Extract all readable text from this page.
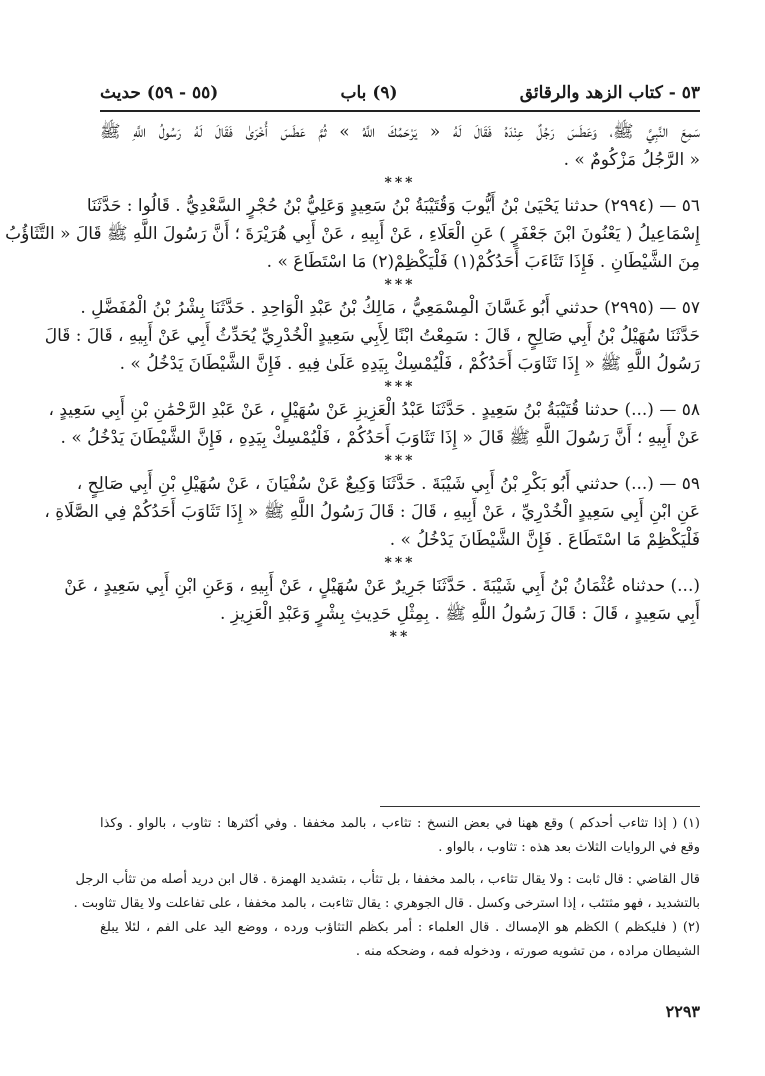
٥٣ - كتاب الزهد والرقائق
(٩) باب
(٥٥ - ٥٩) حديث
سَمِعَ النَّبِيَّ ﷺ، وَعَطَسَ رَجُلٌ عِنْدَهُ فَقَالَ لَهُ « يَرْحَمُكَ اللَّهُ » ثُمَّ عَطَسَ أُخْرَىٰ فَقَالَ لَهُ رَسُولُ اللَّهِ ﷺ
« الرَّجُلُ مَزْكُومٌ » .
***
٥٦ — (٢٩٩٤) حدثنا يَحْيَىٰ بْنُ أَيُّوبَ وَقُتَيْبَةُ بْنُ سَعِيدٍ وَعَلِيُّ بْنُ حُجْرٍ السَّعْدِيُّ . قَالُوا : حَدَّثَنَا
إِسْمَاعِيلُ ( يَعْنُونَ ابْنَ جَعْفَرٍ ) عَنِ الْعَلَاءِ ، عَنْ أَبِيهِ ، عَنْ أَبِي هُرَيْرَةَ ؛ أَنَّ رَسُولَ اللَّهِ ﷺ قَالَ « التَّثَاؤُبُ
مِنَ الشَّيْطَانِ . فَإِذَا تَثَاءَبَ أَحَدُكُمْ(١) فَلْيَكْظِمْ(٢) مَا اسْتَطَاعَ » .
***
٥٧ — (٢٩٩٥) حدثني أَبُو غَسَّانَ الْمِسْمَعِيُّ ، مَالِكُ بْنُ عَبْدِ الْوَاحِدِ . حَدَّثَنَا بِشْرُ بْنُ الْمُفَضَّلِ .
حَدَّثَنَا سُهَيْلُ بْنُ أَبِي صَالِحٍ ، قَالَ : سَمِعْتُ ابْنًا لِأَبِي سَعِيدٍ الْخُدْرِيِّ يُحَدِّثُ أَبِي عَنْ أَبِيهِ ، قَالَ : قَالَ
رَسُولُ اللَّهِ ﷺ « إِذَا تَثَاوَبَ أَحَدُكُمْ ، فَلْيُمْسِكْ بِيَدِهِ عَلَىٰ فِيهِ . فَإِنَّ الشَّيْطَانَ يَدْخُلُ » .
***
٥٨ — (...) حدثنا قُتَيْبَةُ بْنُ سَعِيدٍ . حَدَّثَنَا عَبْدُ الْعَزِيزِ عَنْ سُهَيْلٍ ، عَنْ عَبْدِ الرَّحْمَٰنِ بْنِ أَبِي سَعِيدٍ ،
عَنْ أَبِيهِ ؛ أَنَّ رَسُولَ اللَّهِ ﷺ قَالَ « إِذَا تَثَاوَبَ أَحَدُكُمْ ، فَلْيُمْسِكْ بِيَدِهِ ، فَإِنَّ الشَّيْطَانَ يَدْخُلُ » .
***
٥٩ — (...) حدثني أَبُو بَكْرِ بْنُ أَبِي شَيْبَةَ . حَدَّثَنَا وَكِيعٌ عَنْ سُفْيَانَ ، عَنْ سُهَيْلِ بْنِ أَبِي صَالِحٍ ،
عَنِ ابْنِ أَبِي سَعِيدٍ الْخُدْرِيِّ ، عَنْ أَبِيهِ ، قَالَ : قَالَ رَسُولُ اللَّهِ ﷺ « إِذَا تَثَاوَبَ أَحَدُكُمْ فِي الصَّلَاةِ ،
فَلْيَكْظِمْ مَا اسْتَطَاعَ . فَإِنَّ الشَّيْطَانَ يَدْخُلُ » .
***
(...) حدثناه عُثْمَانُ بْنُ أَبِي شَيْبَةَ . حَدَّثَنَا جَرِيرٌ عَنْ سُهَيْلٍ ، عَنْ أَبِيهِ ، وَعَنِ ابْنِ أَبِي سَعِيدٍ ، عَنْ
أَبِي سَعِيدٍ ، قَالَ : قَالَ رَسُولُ اللَّهِ ﷺ . بِمِثْلِ حَدِيثِ بِشْرٍ وَعَبْدِ الْعَزِيزِ .
**
(١) ( إذا تثاءب أحدكم ) وقع ههنا في بعض النسخ : تثاءب ، بالمد مخففا . وفي أكثرها : تثاوب ، بالواو . وكذا
وقع في الروايات الثلاث بعد هذه : تثاوب ، بالواو .
قال القاضي : قال ثابت : ولا يقال تثاءب ، بالمد مخففا ، بل تثأب ، بتشديد الهمزة . قال ابن دريد أصله من تثأب الرجل
بالتشديد ، فهو مثتئب ، إذا استرخى وكسل . قال الجوهري : يقال تثاءبت ، بالمد مخففا ، على تفاعلت ولا يقال تثاوبت .
(٢) ( فليكظم ) الكظم هو الإمساك . قال العلماء : أمر بكظم التثاؤب ورده ، ووضع اليد على الفم ، لئلا يبلغ
الشيطان مراده ، من تشويه صورته ، ودخوله فمه ، وضحكه منه .
٢٢٩٣
